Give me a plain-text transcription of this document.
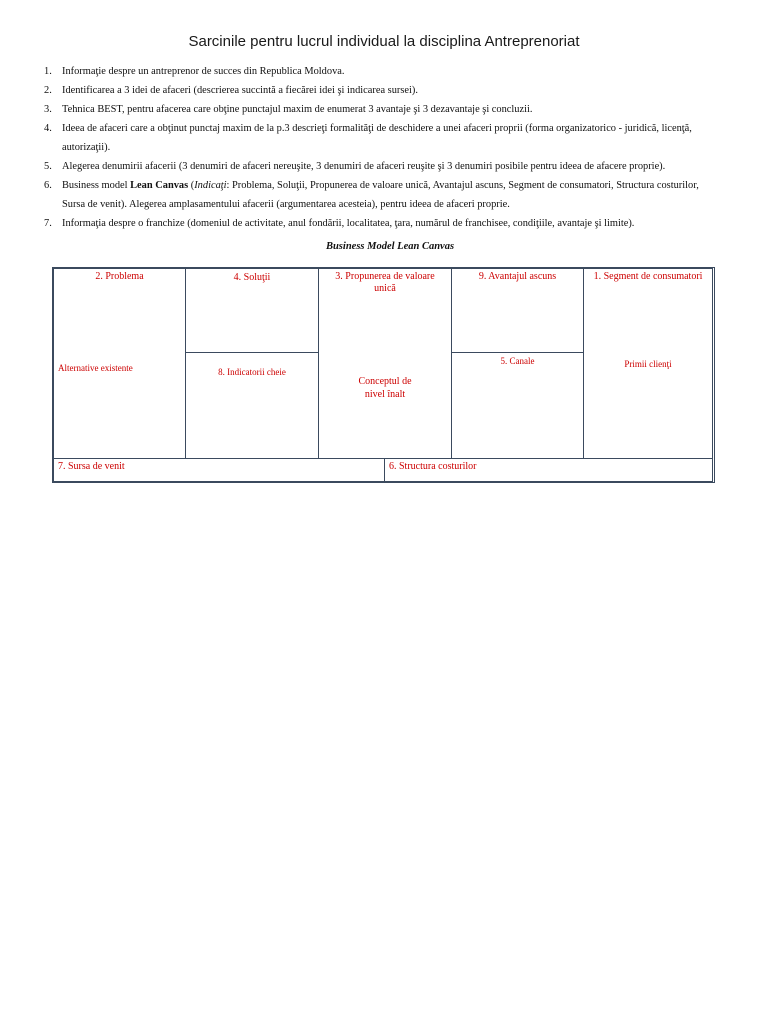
Sarcinile pentru lucrul individual la disciplina Antreprenoriat
1. Informaţie despre un antreprenor de succes din Republica Moldova.
2. Identificarea a 3 idei de afaceri (descrierea succintă a fiecărei idei şi indicarea sursei).
3. Tehnica BEST, pentru afacerea care obţine punctajul maxim de enumerat 3 avantaje şi 3 dezavantaje şi concluzii.
4. Ideea de afaceri care a obţinut punctaj maxim de la p.3 descrieţi formalităţi de deschidere a unei afaceri proprii (forma organizatorico - juridică, licenţă,
autorizaţii).
5. Alegerea denumirii afacerii (3 denumiri de afaceri nereuşite, 3 denumiri de afaceri reuşite şi 3 denumiri posibile pentru ideea de afacere proprie).
6. Business model Lean Canvas (Indicaţi: Problema, Soluţii, Propunerea de valoare unică, Avantajul ascuns, Segment de consumatori, Structura costurilor,
Sursa de venit). Alegerea amplasamentului afacerii (argumentarea acesteia), pentru ideea de afaceri proprie.
7. Informaţia despre o franchize (domeniul de activitate, anul fondării, localitatea, ţara, numărul de franchisee, condiţiile, avantaje şi limite).
Business Model Lean Canvas
2. Problema
Alternative existente
4. Soluţii
8. Indicatorii cheie
3. Propunerea de valoare
unică
Conceptul de
nivel înalt
9. Avantajul ascuns
5. Canale
1. Segment de consumatori
Primii clienţi
7. Sursa de venit	6. Structura costurilor
